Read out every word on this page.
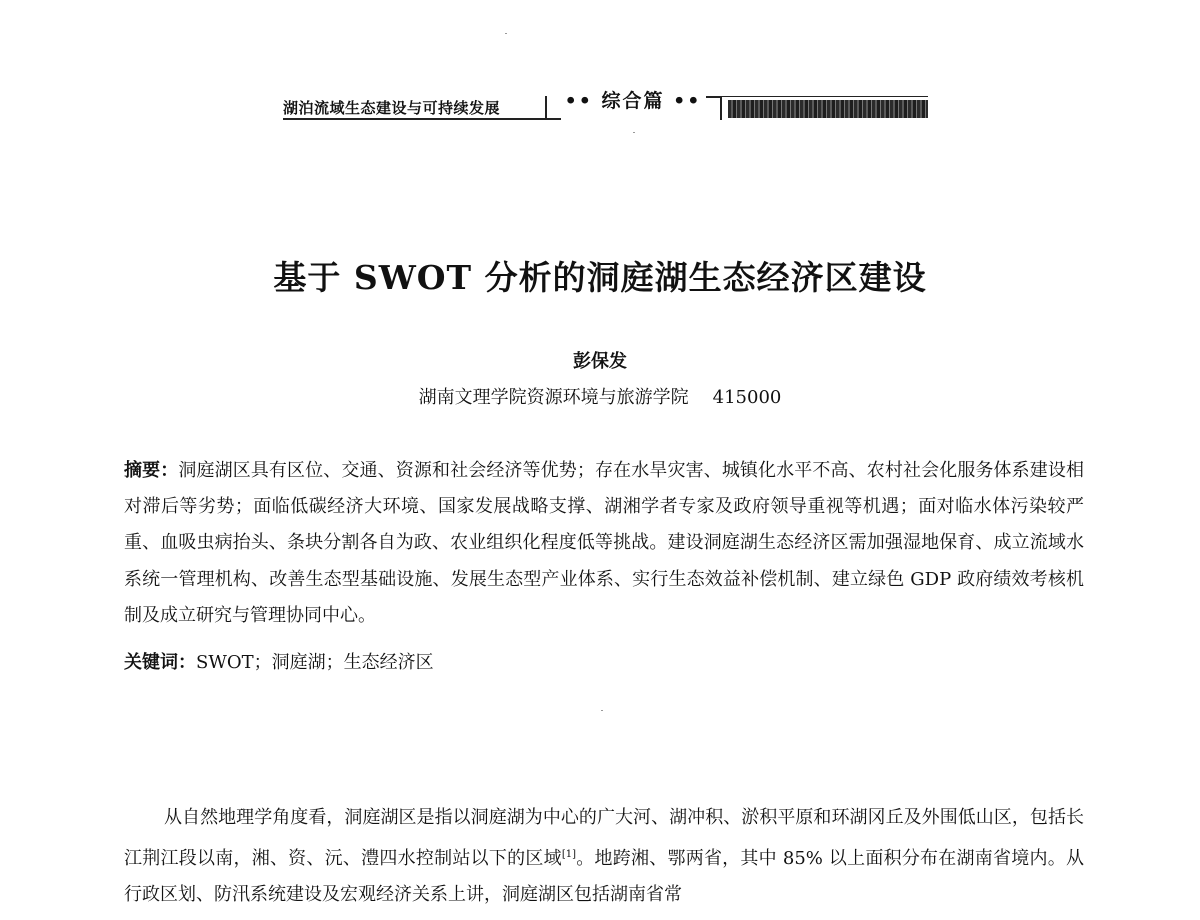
湖泊流域生态建设与可持续发展	•• 综合篇 ••
基于 SWOT 分析的洞庭湖生态经济区建设
彭保发
湖南文理学院资源环境与旅游学院 415000
摘要：洞庭湖区具有区位、交通、资源和社会经济等优势；存在水旱灾害、城镇化水平不高、农村社会化服务体系建设相对滞后等劣势；面临低碳经济大环境、国家发展战略支撑、湖湘学者专家及政府领导重视等机遇；面对临水体污染较严重、血吸虫病抬头、条块分割各自为政、农业组织化程度低等挑战。建设洞庭湖生态经济区需加强湿地保育、成立流域水系统一管理机构、改善生态型基础设施、发展生态型产业体系、实行生态效益补偿机制、建立绿色 GDP 政府绩效考核机制及成立研究与管理协同中心。
关键词：SWOT；洞庭湖；生态经济区
从自然地理学角度看，洞庭湖区是指以洞庭湖为中心的广大河、湖冲积、淤积平原和环湖冈丘及外围低山区，包括长江荆江段以南，湘、资、沅、澧四水控制站以下的区域[1]。地跨湘、鄂两省，其中 85% 以上面积分布在湖南省境内。从行政区划、防汛系统建设及宏观经济关系上讲，洞庭湖区包括湖南省常
